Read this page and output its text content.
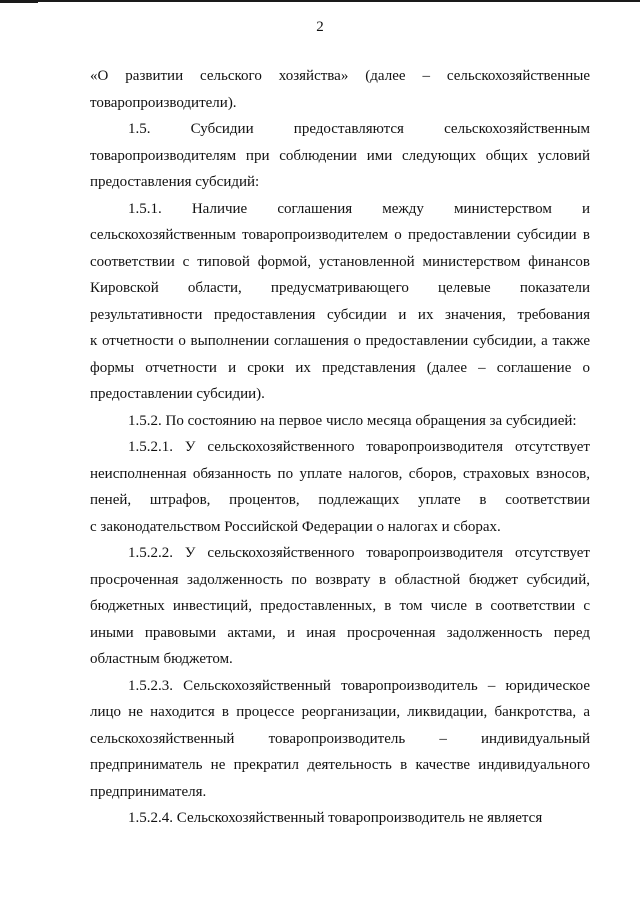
2
«О развитии сельского хозяйства» (далее – сельскохозяйственные
товаропроизводители).
1.5. Субсидии предоставляются сельскохозяйственным
товаропроизводителям при соблюдении ими следующих общих условий
предоставления субсидий:
1.5.1. Наличие соглашения между министерством и
сельскохозяйственным товаропроизводителем о предоставлении субсидии в
соответствии с типовой формой, установленной министерством финансов
Кировской области, предусматривающего целевые показатели
результативности предоставления субсидии и их значения, требования
к отчетности о выполнении соглашения о предоставлении субсидии, а также
формы отчетности и сроки их представления (далее – соглашение о
предоставлении субсидии).
1.5.2. По состоянию на первое число месяца обращения за субсидией:
1.5.2.1. У сельскохозяйственного товаропроизводителя отсутствует
неисполненная обязанность по уплате налогов, сборов, страховых взносов,
пеней, штрафов, процентов, подлежащих уплате в соответствии
с законодательством Российской Федерации о налогах и сборах.
1.5.2.2. У сельскохозяйственного товаропроизводителя отсутствует
просроченная задолженность по возврату в областной бюджет субсидий,
бюджетных инвестиций, предоставленных, в том числе в соответствии с
иными правовыми актами, и иная просроченная задолженность перед
областным бюджетом.
1.5.2.3. Сельскохозяйственный товаропроизводитель – юридическое
лицо не находится в процессе реорганизации, ликвидации, банкротства, а
сельскохозяйственный товаропроизводитель – индивидуальный
предприниматель не прекратил деятельность в качестве индивидуального
предпринимателя.
1.5.2.4. Сельскохозяйственный товаропроизводитель не является
